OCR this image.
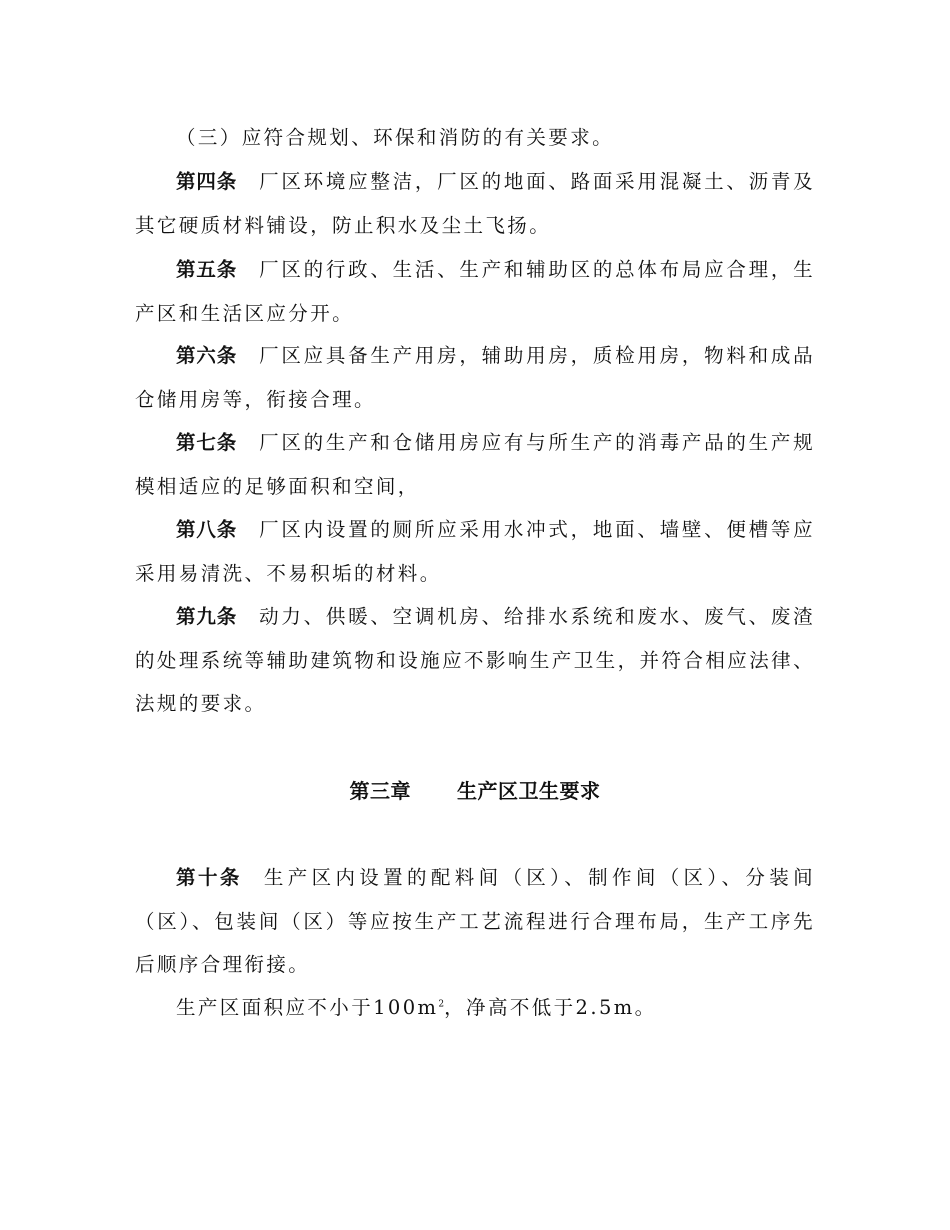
（三）应符合规划、环保和消防的有关要求。

第四条 厂区环境应整洁，厂区的地面、路面采用混凝土、沥青及其它硬质材料铺设，防止积水及尘土飞扬。

第五条 厂区的行政、生活、生产和辅助区的总体布局应合理，生产区和生活区应分开。

第六条 厂区应具备生产用房，辅助用房，质检用房，物料和成品仓储用房等，衔接合理。

第七条 厂区的生产和仓储用房应有与所生产的消毒产品的生产规模相适应的足够面积和空间，

第八条 厂区内设置的厕所应采用水冲式，地面、墙壁、便槽等应采用易清洗、不易积垢的材料。

第九条 动力、供暖、空调机房、给排水系统和废水、废气、废渣的处理系统等辅助建筑物和设施应不影响生产卫生，并符合相应法律、法规的要求。

第三章 生产区卫生要求

第十条 生产区内设置的配料间（区）、制作间（区）、分装间（区）、包装间（区）等应按生产工艺流程进行合理布局，生产工序先后顺序合理衔接。

生产区面积应不小于$100m^2$，净高不低于2.5m。
